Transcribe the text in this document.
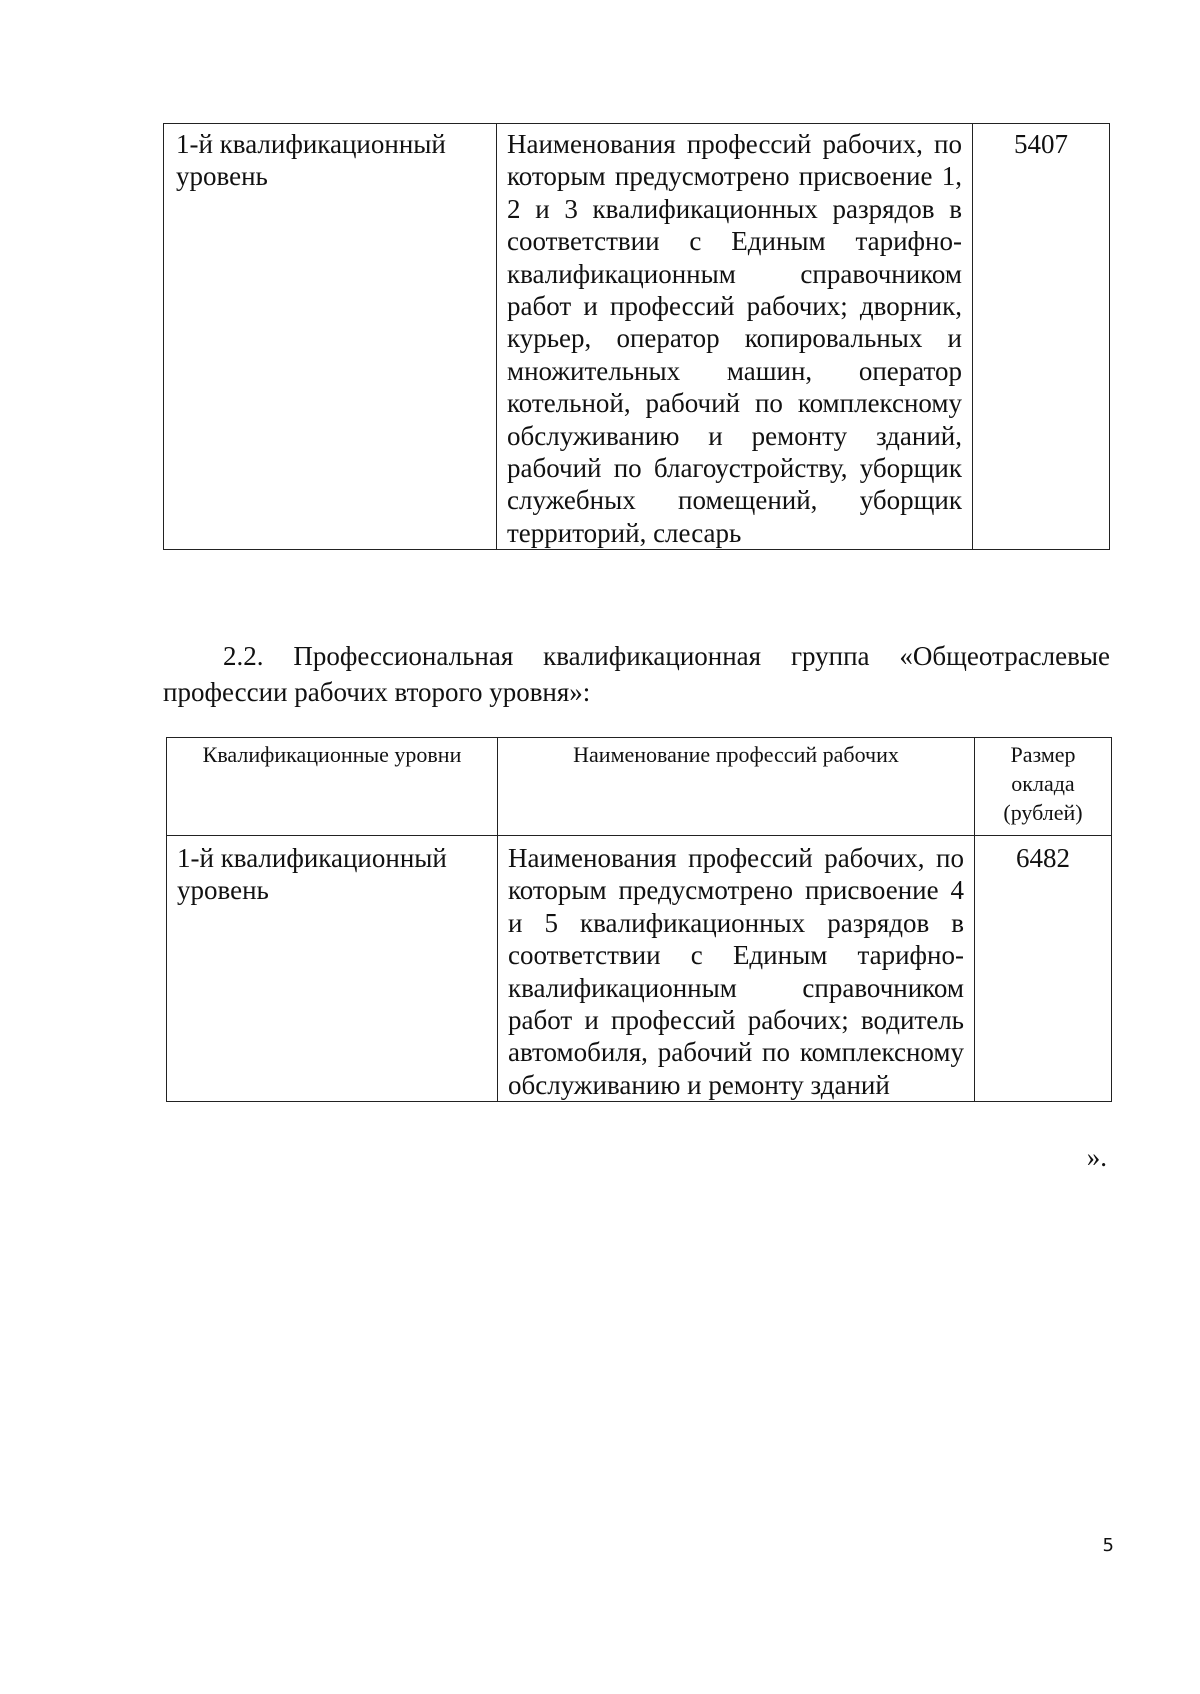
1-й квалификационный уровень	Наименования профессий рабочих, по которым предусмотрено присвоение 1, 2 и 3 квалификационных разрядов в соответствии с Единым тарифно-квалификационным справочником работ и профессий рабочих; дворник, курьер, оператор копировальных и множительных машин, оператор котельной, рабочий по комплексному обслуживанию и ремонту зданий, рабочий по благоустройству, уборщик служебных помещений, уборщик территорий, слесарь	5407

2.2. Профессиональная квалификационная группа «Общеотраслевые профессии рабочих второго уровня»:

Квалификационные уровни	Наименование профессий рабочих	Размер оклада (рублей)
1-й квалификационный уровень	Наименования профессий рабочих, по которым предусмотрено присвоение 4 и 5 квалификационных разрядов в соответствии с Единым тарифно-квалификационным справочником работ и профессий рабочих; водитель автомобиля, рабочий по комплексному обслуживанию и ремонту зданий	6482
».
5
